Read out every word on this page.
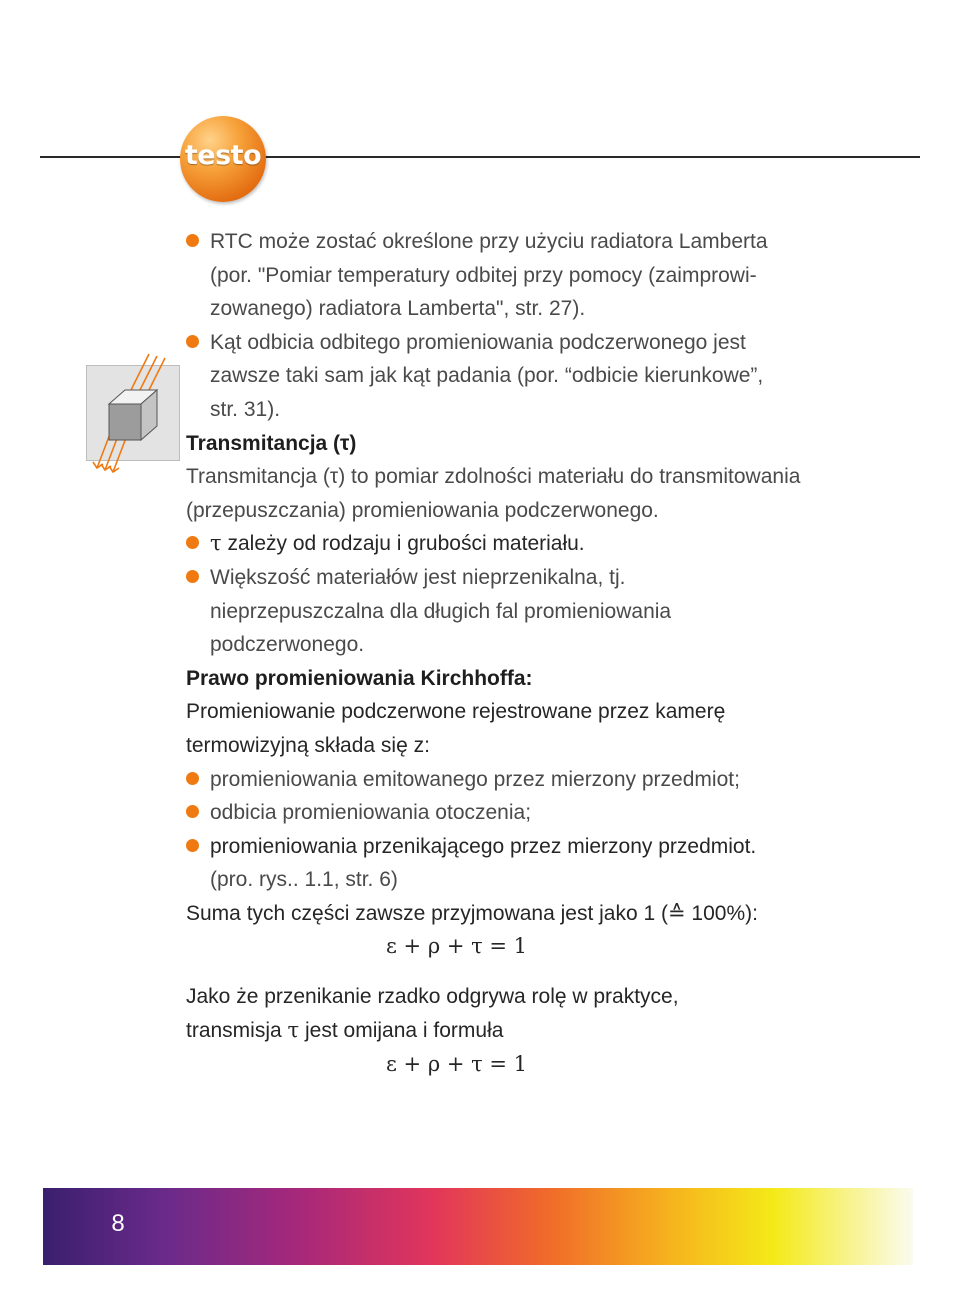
testo
RTC może zostać określone przy użyciu radiatora Lamberta
(por. "Pomiar temperatury odbitej przy pomocy (zaimprowi-
zowanego) radiatora Lamberta", str. 27).
Kąt odbicia odbitego promieniowania podczerwonego jest
zawsze taki sam jak kąt padania (por. “odbicie kierunkowe”,
str. 31).
Transmitancja (τ)
Transmitancja (τ) to pomiar zdolności materiału do transmitowania
(przepuszczania) promieniowania podczerwonego.
τ zależy od rodzaju i grubości materiału.
Większość materiałów jest nieprzenikalna, tj.
nieprzepuszczalna dla długich fal promieniowania
podczerwonego.
Prawo promieniowania Kirchhoffa:
Promieniowanie podczerwone rejestrowane przez kamerę
termowizyjną składa się z:
promieniowania emitowanego przez mierzony przedmiot;
odbicia promieniowania otoczenia;
promieniowania przenikającego przez mierzony przedmiot.
(pro. rys.. 1.1, str. 6)
Suma tych części zawsze przyjmowana jest jako 1 (≙ 100%):
ε + ρ + τ = 1
Jako że przenikanie rzadko odgrywa rolę w praktyce,
transmisja τ jest omijana i formuła
ε + ρ + τ = 1
8
